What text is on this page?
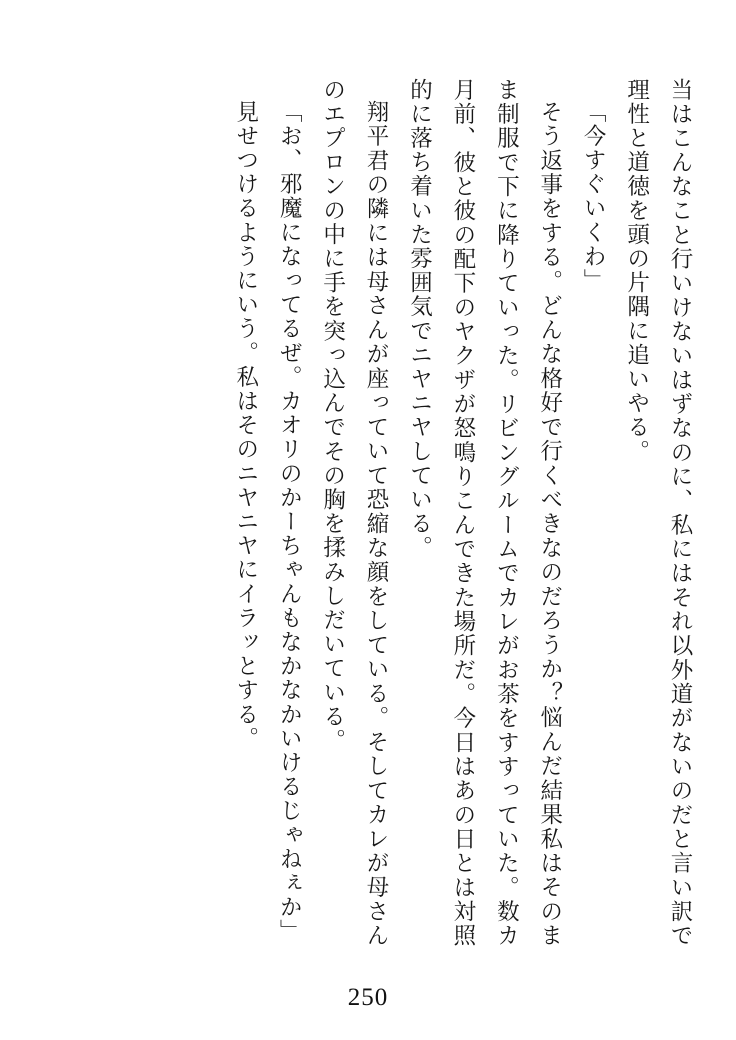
当はこんなこと行いけないはずなのに、私にはそれ以外道がないのだと言い訳で理性と道徳を頭の片隅に追いやる。

「今すぐいくわ」

そう返事をする。どんな格好で行くべきなのだろうか？悩んだ結果私はそのまま制服で下に降りていった。リビングルームでカレがお茶をすすっていた。数カ月前、彼と彼の配下のヤクザが怒鳴りこんできた場所だ。今日はあの日とは対照的に落ち着いた雰囲気でニヤニヤしている。

翔平君の隣には母さんが座っていて恐縮な顔をしている。そしてカレが母さんのエプロンの中に手を突っ込んでその胸を揉みしだいている。

「お、邪魔になってるぜ。カオリのかーちゃんもなかなかいけるじゃねぇか」

見せつけるようにいう。私はそのニヤニヤにイラッとする。

250
